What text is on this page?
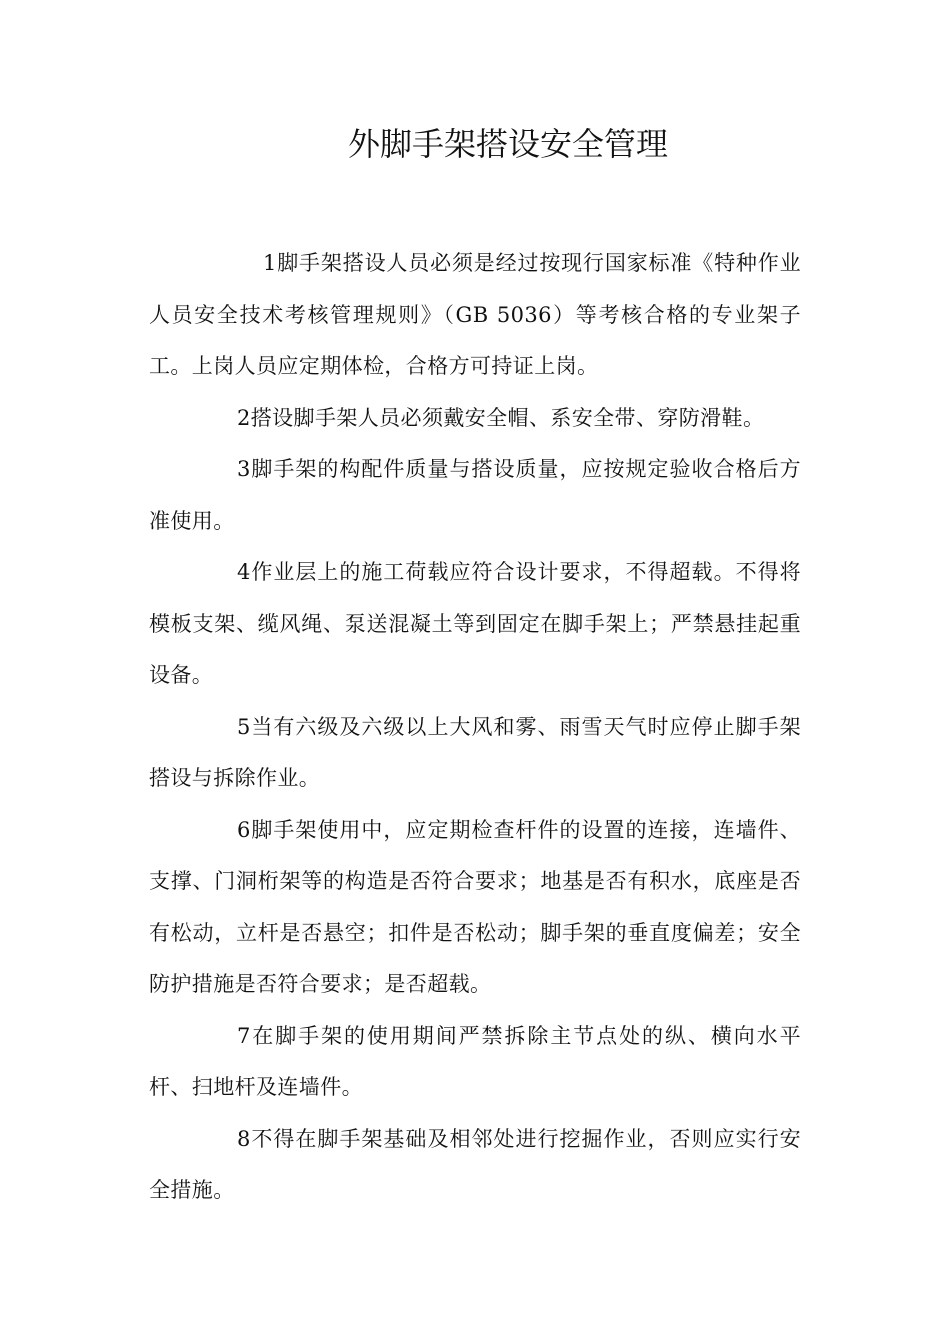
外脚手架搭设安全管理

1脚手架搭设人员必须是经过按现行国家标准《特种作业人员安全技术考核管理规则》（GB 5036）等考核合格的专业架子工。上岗人员应定期体检，合格方可持证上岗。

2搭设脚手架人员必须戴安全帽、系安全带、穿防滑鞋。

3脚手架的构配件质量与搭设质量，应按规定验收合格后方准使用。

4作业层上的施工荷载应符合设计要求，不得超载。不得将模板支架、缆风绳、泵送混凝土等到固定在脚手架上；严禁悬挂起重设备。

5当有六级及六级以上大风和雾、雨雪天气时应停止脚手架搭设与拆除作业。

6脚手架使用中，应定期检查杆件的设置的连接，连墙件、支撑、门洞桁架等的构造是否符合要求；地基是否有积水，底座是否有松动，立杆是否悬空；扣件是否松动；脚手架的垂直度偏差；安全防护措施是否符合要求；是否超载。

7在脚手架的使用期间严禁拆除主节点处的纵、横向水平杆、扫地杆及连墙件。

8不得在脚手架基础及相邻处进行挖掘作业，否则应实行安全措施。
